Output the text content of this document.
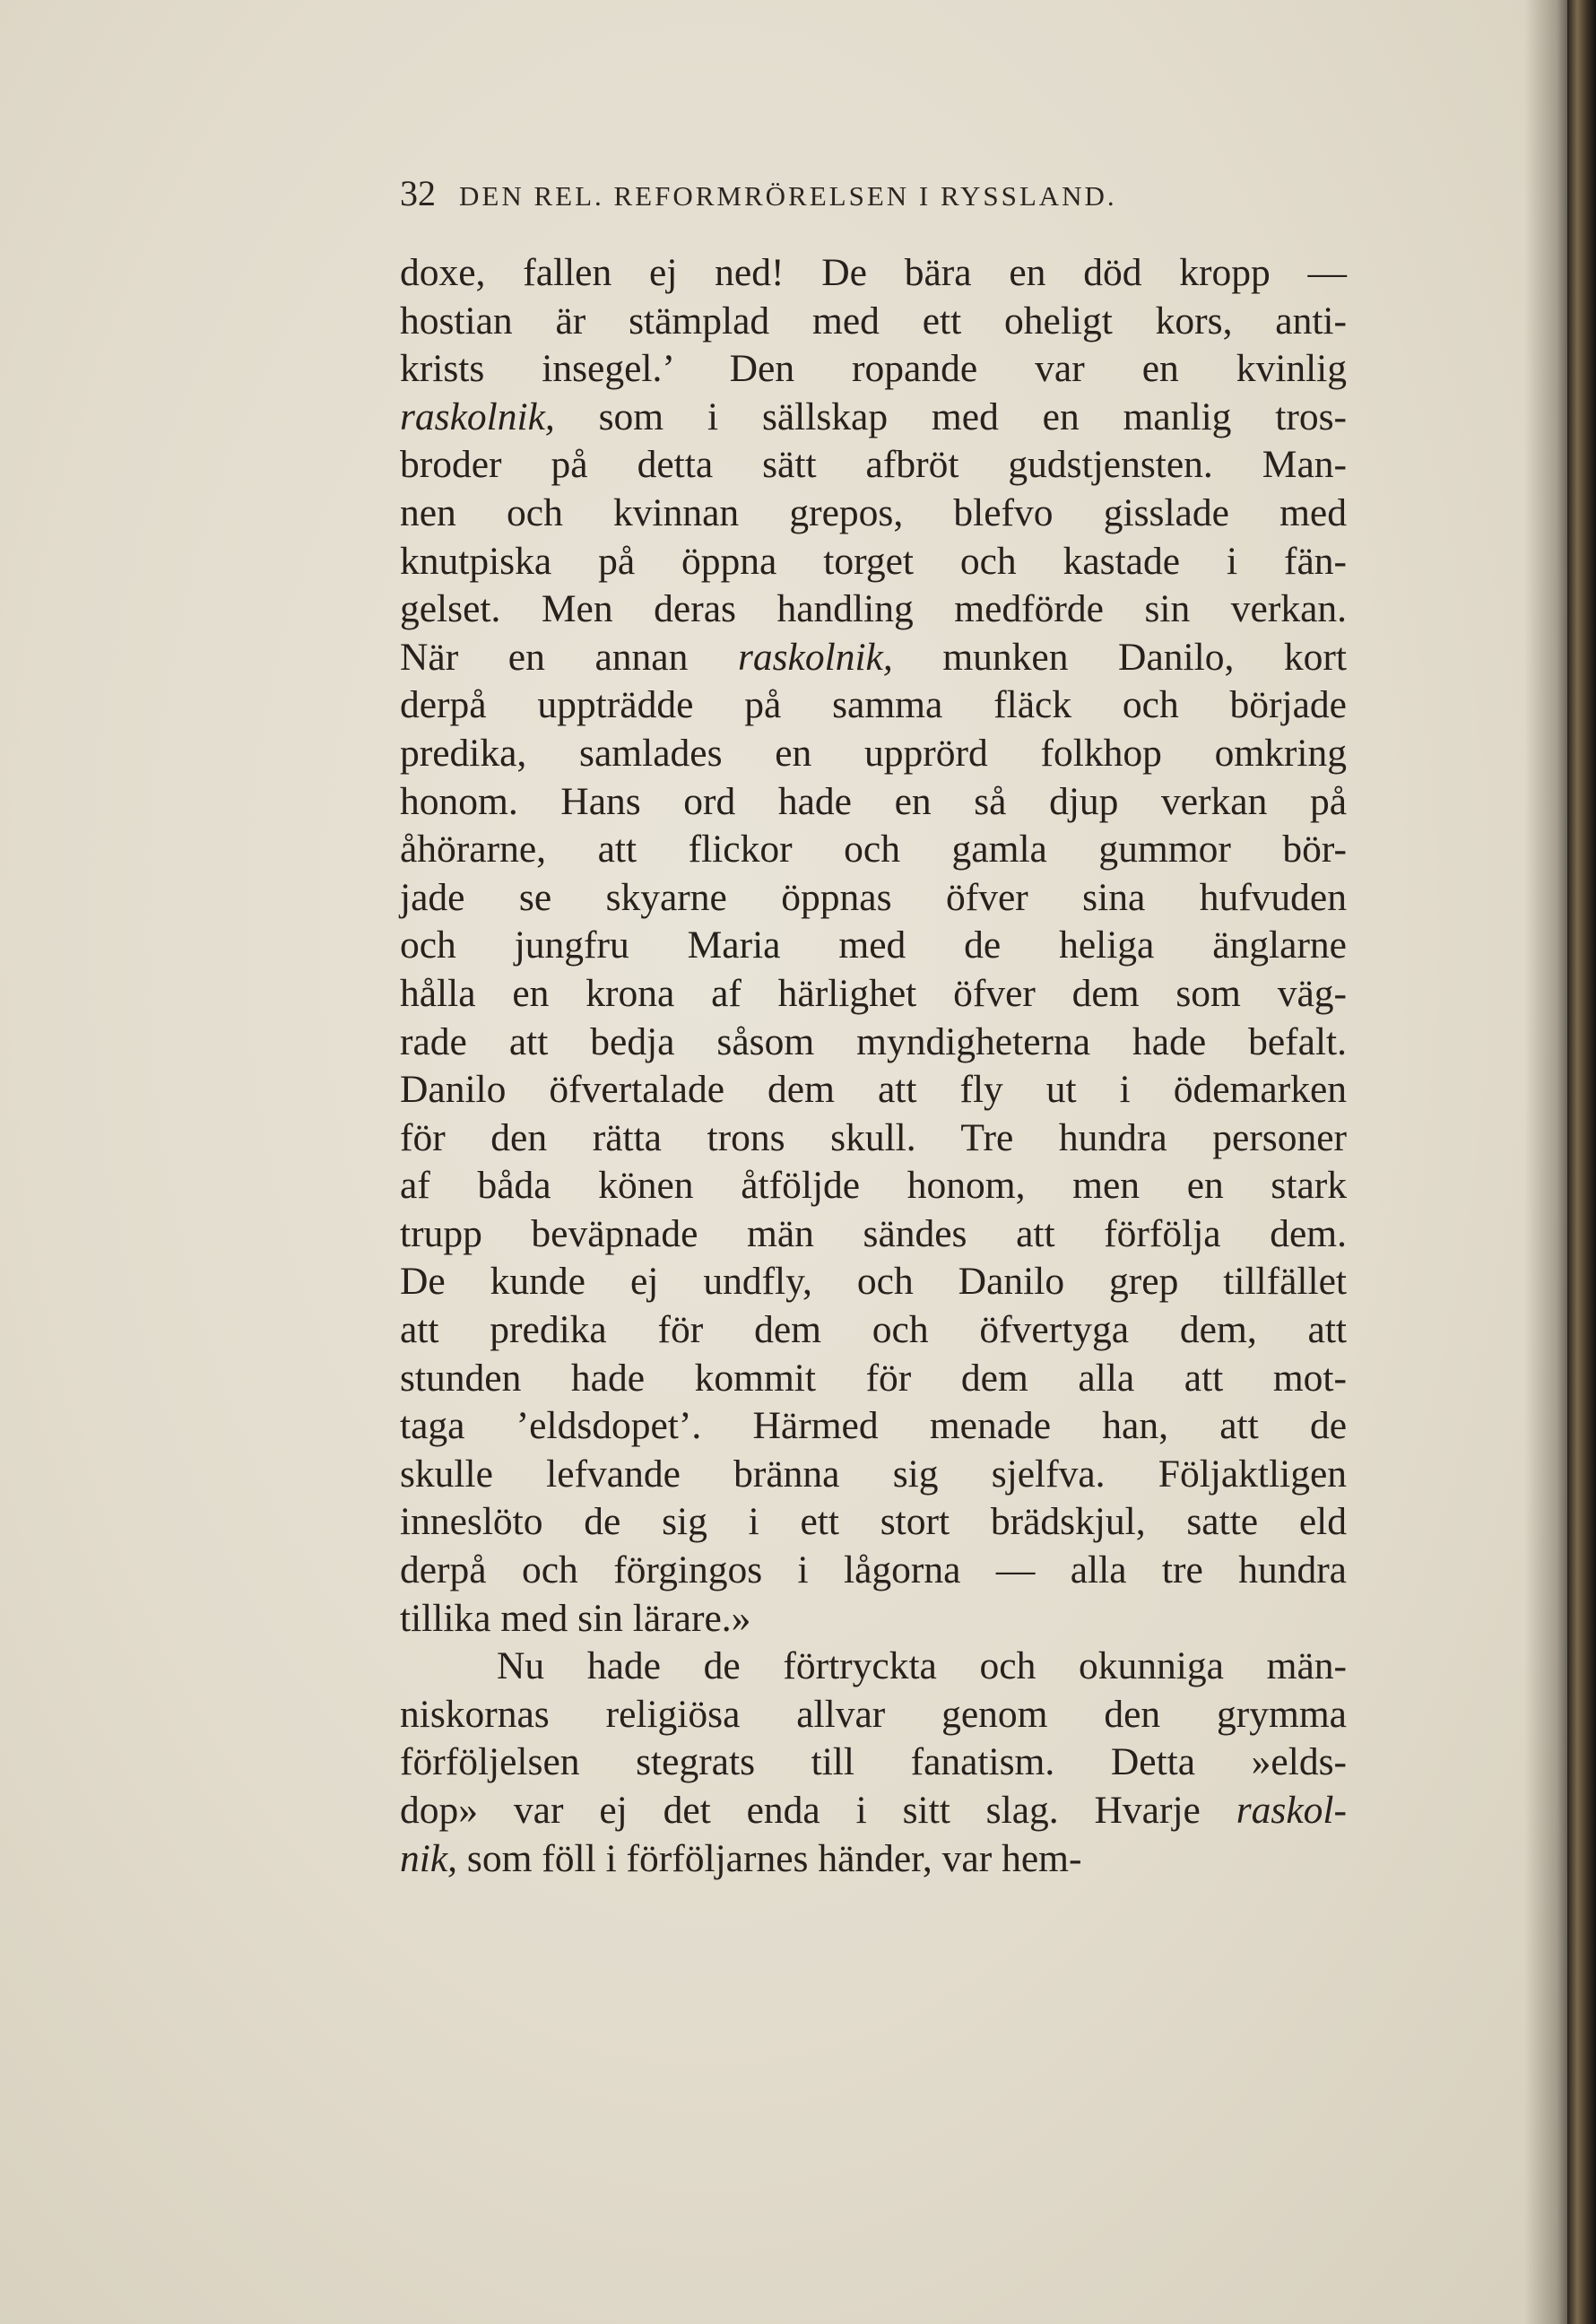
32 DEN REL. REFORMRÖRELSEN I RYSSLAND.
doxe, fallen ej ned! De bära en död kropp —
hostian är stämplad med ett oheligt kors, anti-
krists insegel.’ Den ropande var en kvinlig
raskolnik, som i sällskap med en manlig tros-
broder på detta sätt afbröt gudstjensten. Man-
nen och kvinnan grepos, blefvo gisslade med
knutpiska på öppna torget och kastade i fän-
gelset. Men deras handling medförde sin verkan.
När en annan raskolnik, munken Danilo, kort
derpå uppträdde på samma fläck och började
predika, samlades en upprörd folkhop omkring
honom. Hans ord hade en så djup verkan på
åhörarne, att flickor och gamla gummor bör-
jade se skyarne öppnas öfver sina hufvuden
och jungfru Maria med de heliga änglarne
hålla en krona af härlighet öfver dem som väg-
rade att bedja såsom myndigheterna hade befalt.
Danilo öfvertalade dem att fly ut i ödemarken
för den rätta trons skull. Tre hundra personer
af båda könen åtföljde honom, men en stark
trupp beväpnade män sändes att förfölja dem.
De kunde ej undfly, och Danilo grep tillfället
att predika för dem och öfvertyga dem, att
stunden hade kommit för dem alla att mot-
taga ’eldsdopet’. Härmed menade han, att de
skulle lefvande bränna sig sjelfva. Följaktligen
inneslöto de sig i ett stort brädskjul, satte eld
derpå och förgingos i lågorna — alla tre hundra
tillika med sin lärare.»
Nu hade de förtryckta och okunniga män-
niskornas religiösa allvar genom den grymma
förföljelsen stegrats till fanatism. Detta »elds-
dop» var ej det enda i sitt slag. Hvarje raskol-
nik, som föll i förföljarnes händer, var hem-
